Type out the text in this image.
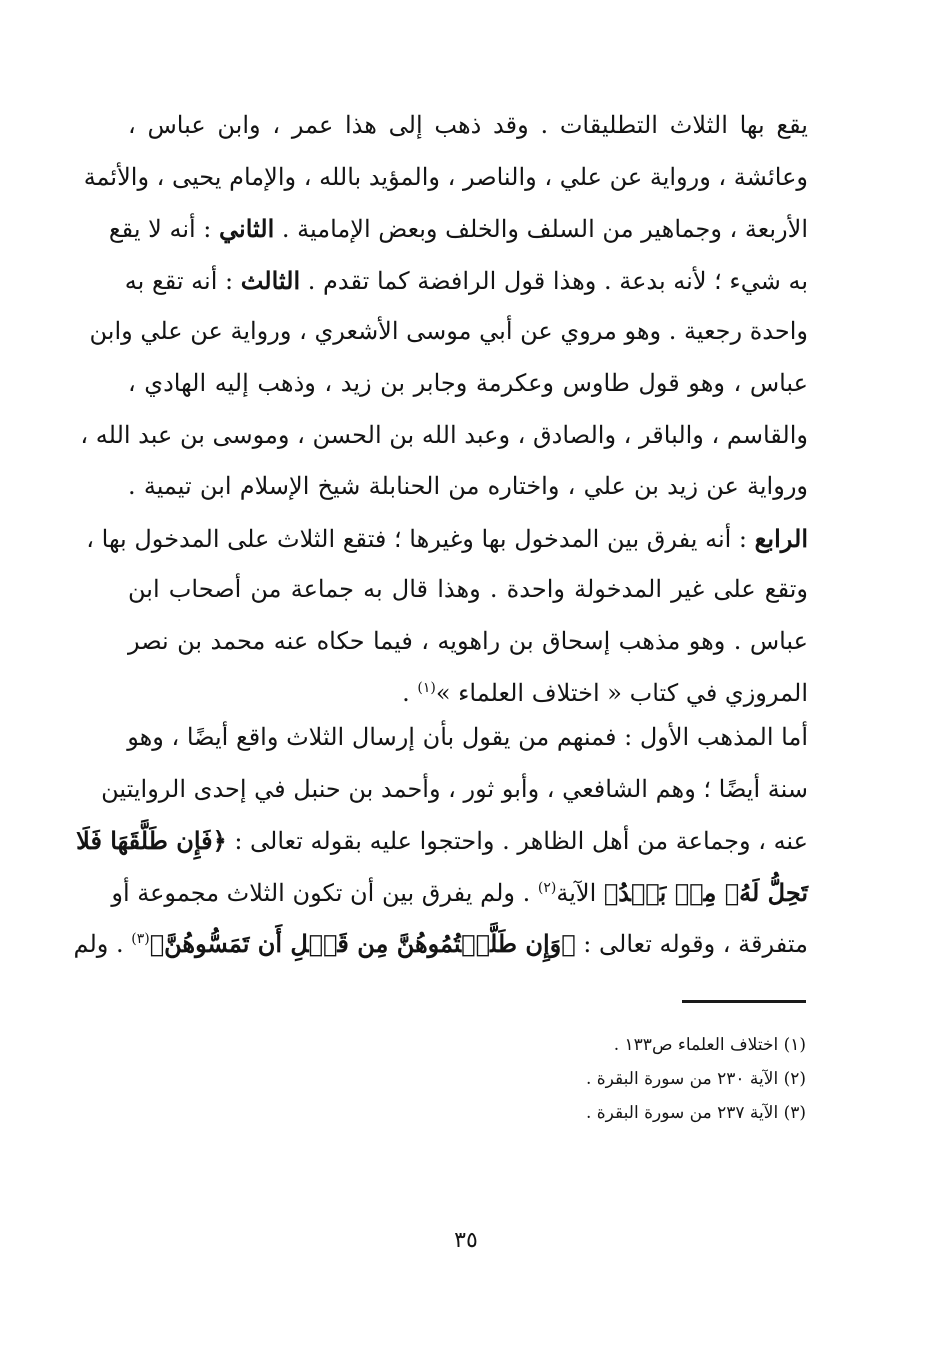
يقع بها الثلاث التطليقات . وقد ذهب إلى هذا عمر ، وابن عباس ،
وعائشة ، ورواية عن علي ، والناصر ، والمؤيد بالله ، والإمام يحيى ، والأئمة
الأربعة ، وجماهير من السلف والخلف وبعض الإمامية . الثاني : أنه لا يقع
به شيء ؛ لأنه بدعة . وهذا قول الرافضة كما تقدم . الثالث : أنه تقع به
واحدة رجعية . وهو مروي عن أبي موسى الأشعري ، ورواية عن علي وابن
عباس ، وهو قول طاوس وعكرمة وجابر بن زيد ، وذهب إليه الهادي ،
والقاسم ، والباقر ، والصادق ، وعبد الله بن الحسن ، وموسى بن عبد الله ،
ورواية عن زيد بن علي ، واختاره من الحنابلة شيخ الإسلام ابن تيمية .
الرابع : أنه يفرق بين المدخول بها وغيرها ؛ فتقع الثلاث على المدخول بها ،
وتقع على غير المدخولة واحدة . وهذا قال به جماعة من أصحاب ابن
عباس . وهو مذهب إسحاق بن راهويه ، فيما حكاه عنه محمد بن نصر
المروزي في كتاب « اختلاف العلماء »$^{(١)}$ .
أما المذهب الأول : فمنهم من يقول بأن إرسال الثلاث واقع أيضًا ، وهو
سنة أيضًا ؛ وهم الشافعي ، وأبو ثور ، وأحمد بن حنبل في إحدى الروايتين
عنه ، وجماعة من أهل الظاهر . واحتجوا عليه بقوله تعالى : ﴿فَإِن طَلَّقَهَا فَلَا
تَحِلُّ لَهُۥ مِنۢ بَعۡدُ﴾ الآية$^{(٢)}$ . ولم يفرق بين أن تكون الثلاث مجموعة أو
متفرقة ، وقوله تعالى : ﴿وَإِن طَلَّقۡتُمُوهُنَّ مِن قَبۡلِ أَن تَمَسُّوهُنَّ﴾$^{(٣)}$ . ولم
(١) اختلاف العلماء ص١٣٣ .
(٢) الآية ٢٣٠ من سورة البقرة .
(٣) الآية ٢٣٧ من سورة البقرة .
٣٥
